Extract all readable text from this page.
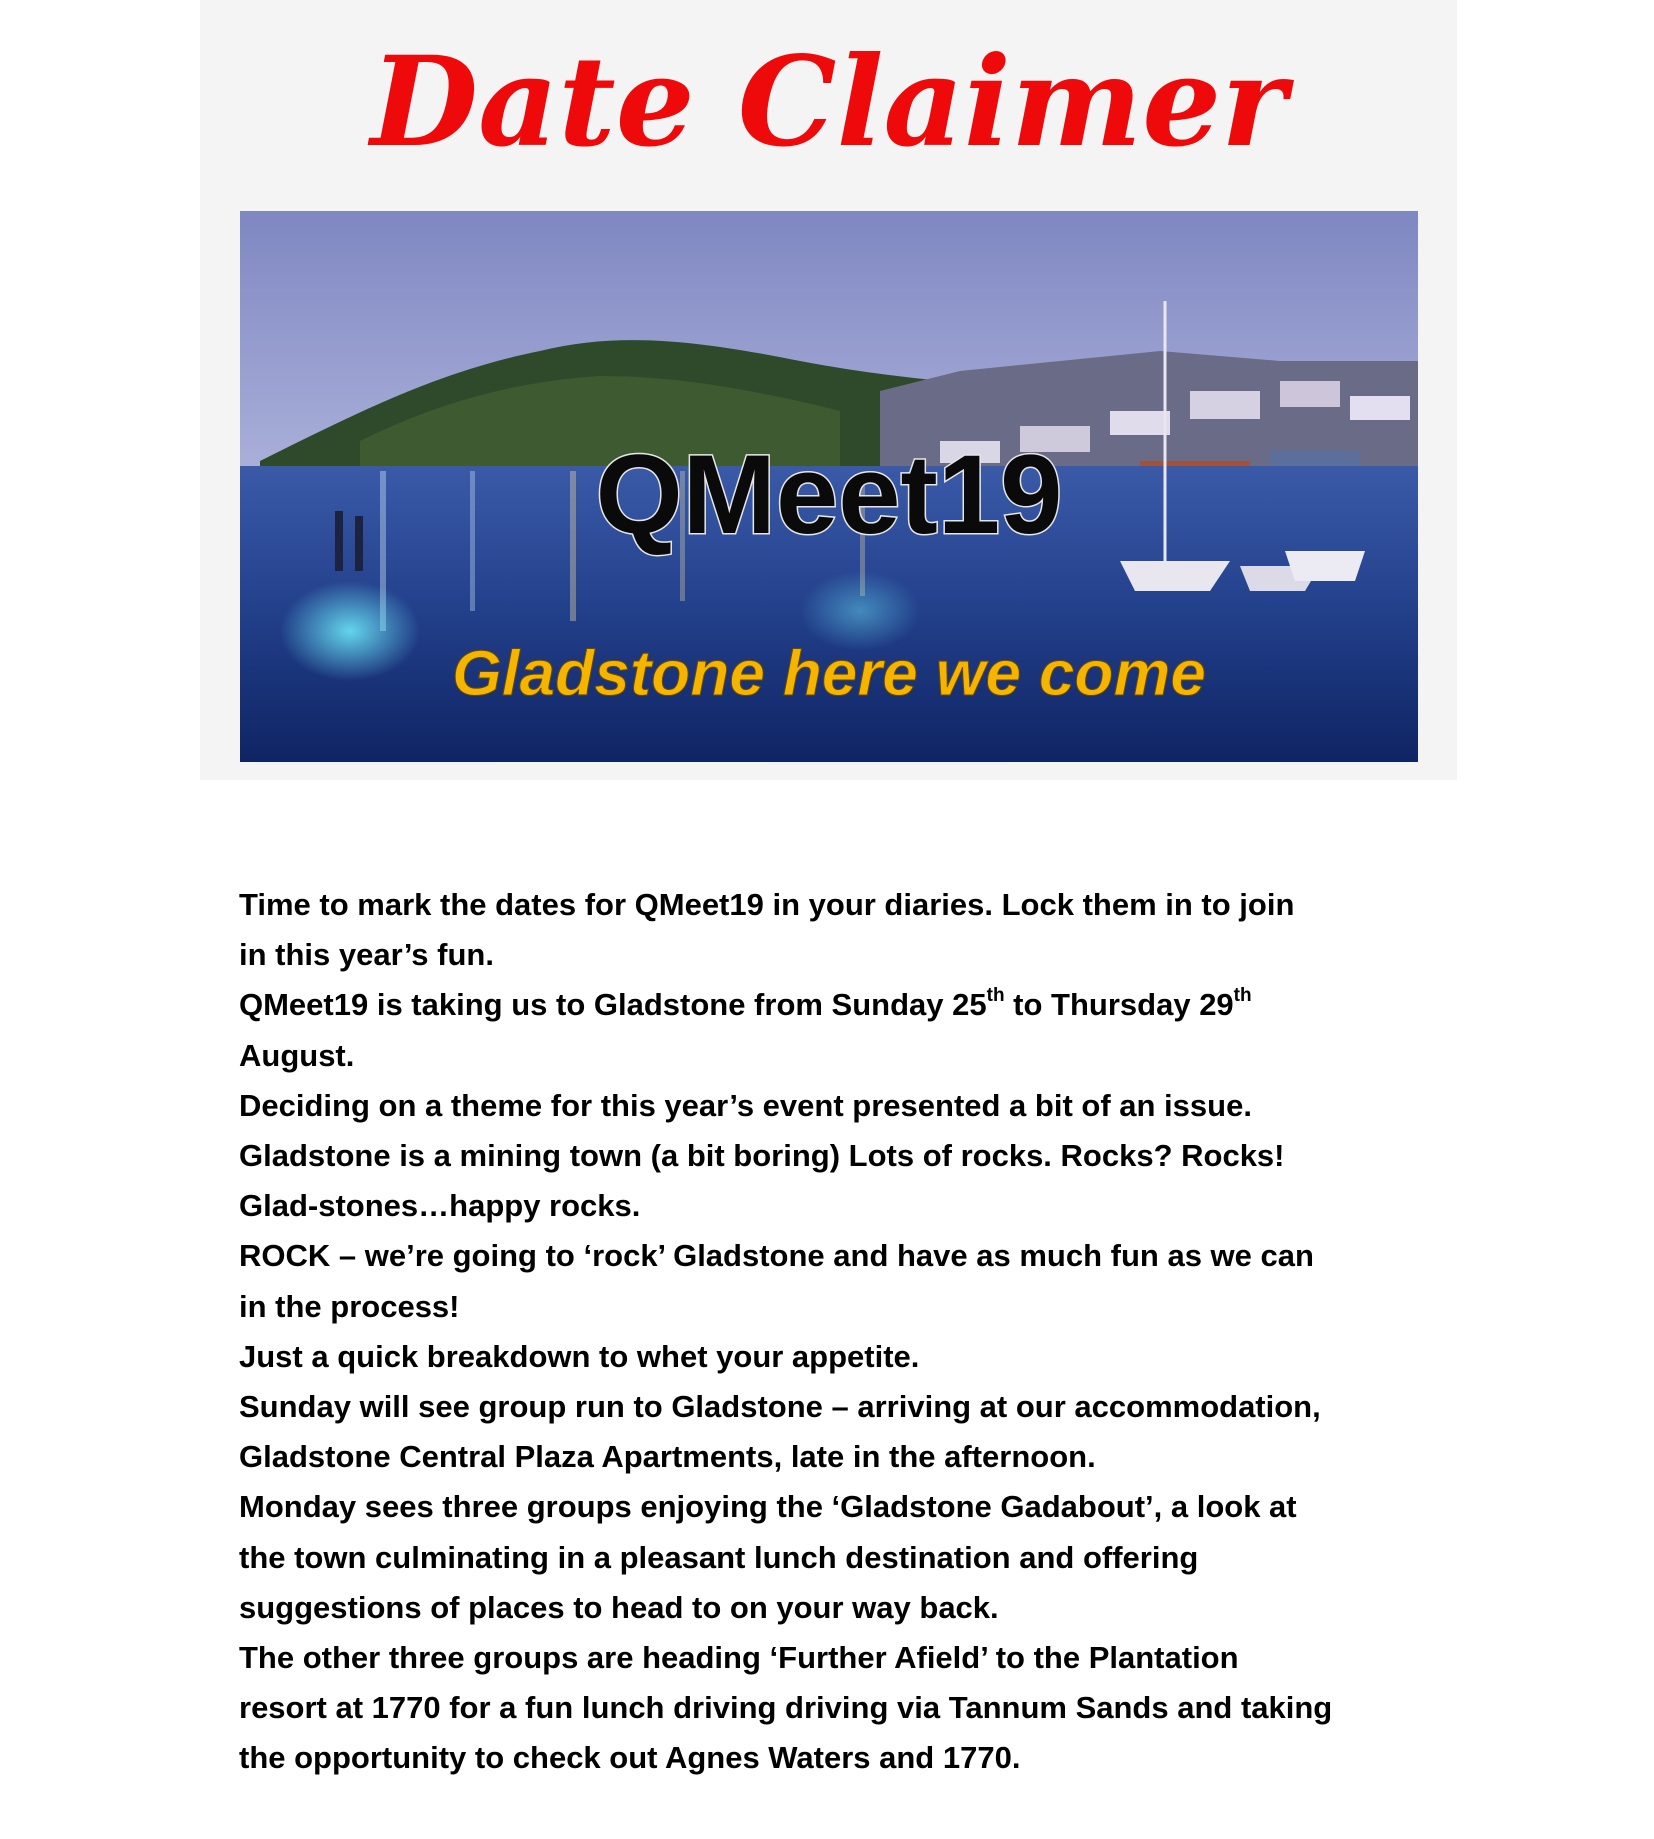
Date Claimer
QMeet19
Gladstone here we come

Time to mark the dates for QMeet19 in your diaries. Lock them in to join

in this year’s fun.

QMeet19 is taking us to Gladstone from Sunday 25th to Thursday 29th

August.

Deciding on a theme for this year’s event presented a bit of an issue.

Gladstone is a mining town (a bit boring) Lots of rocks. Rocks? Rocks!

Glad-stones…happy rocks.

ROCK – we’re going to ‘rock’ Gladstone and have as much fun as we can

in the process!

Just a quick breakdown to whet your appetite.

Sunday will see group run to Gladstone – arriving at our accommodation,

Gladstone Central Plaza Apartments, late in the afternoon.

Monday sees three groups enjoying the ‘Gladstone Gadabout’, a look at

the town culminating in a pleasant lunch destination and offering

suggestions of places to head to on your way back.

The other three groups are heading ‘Further Afield’ to the Plantation

resort at 1770 for a fun lunch driving driving via Tannum Sands and taking

the opportunity to check out Agnes Waters and 1770.
